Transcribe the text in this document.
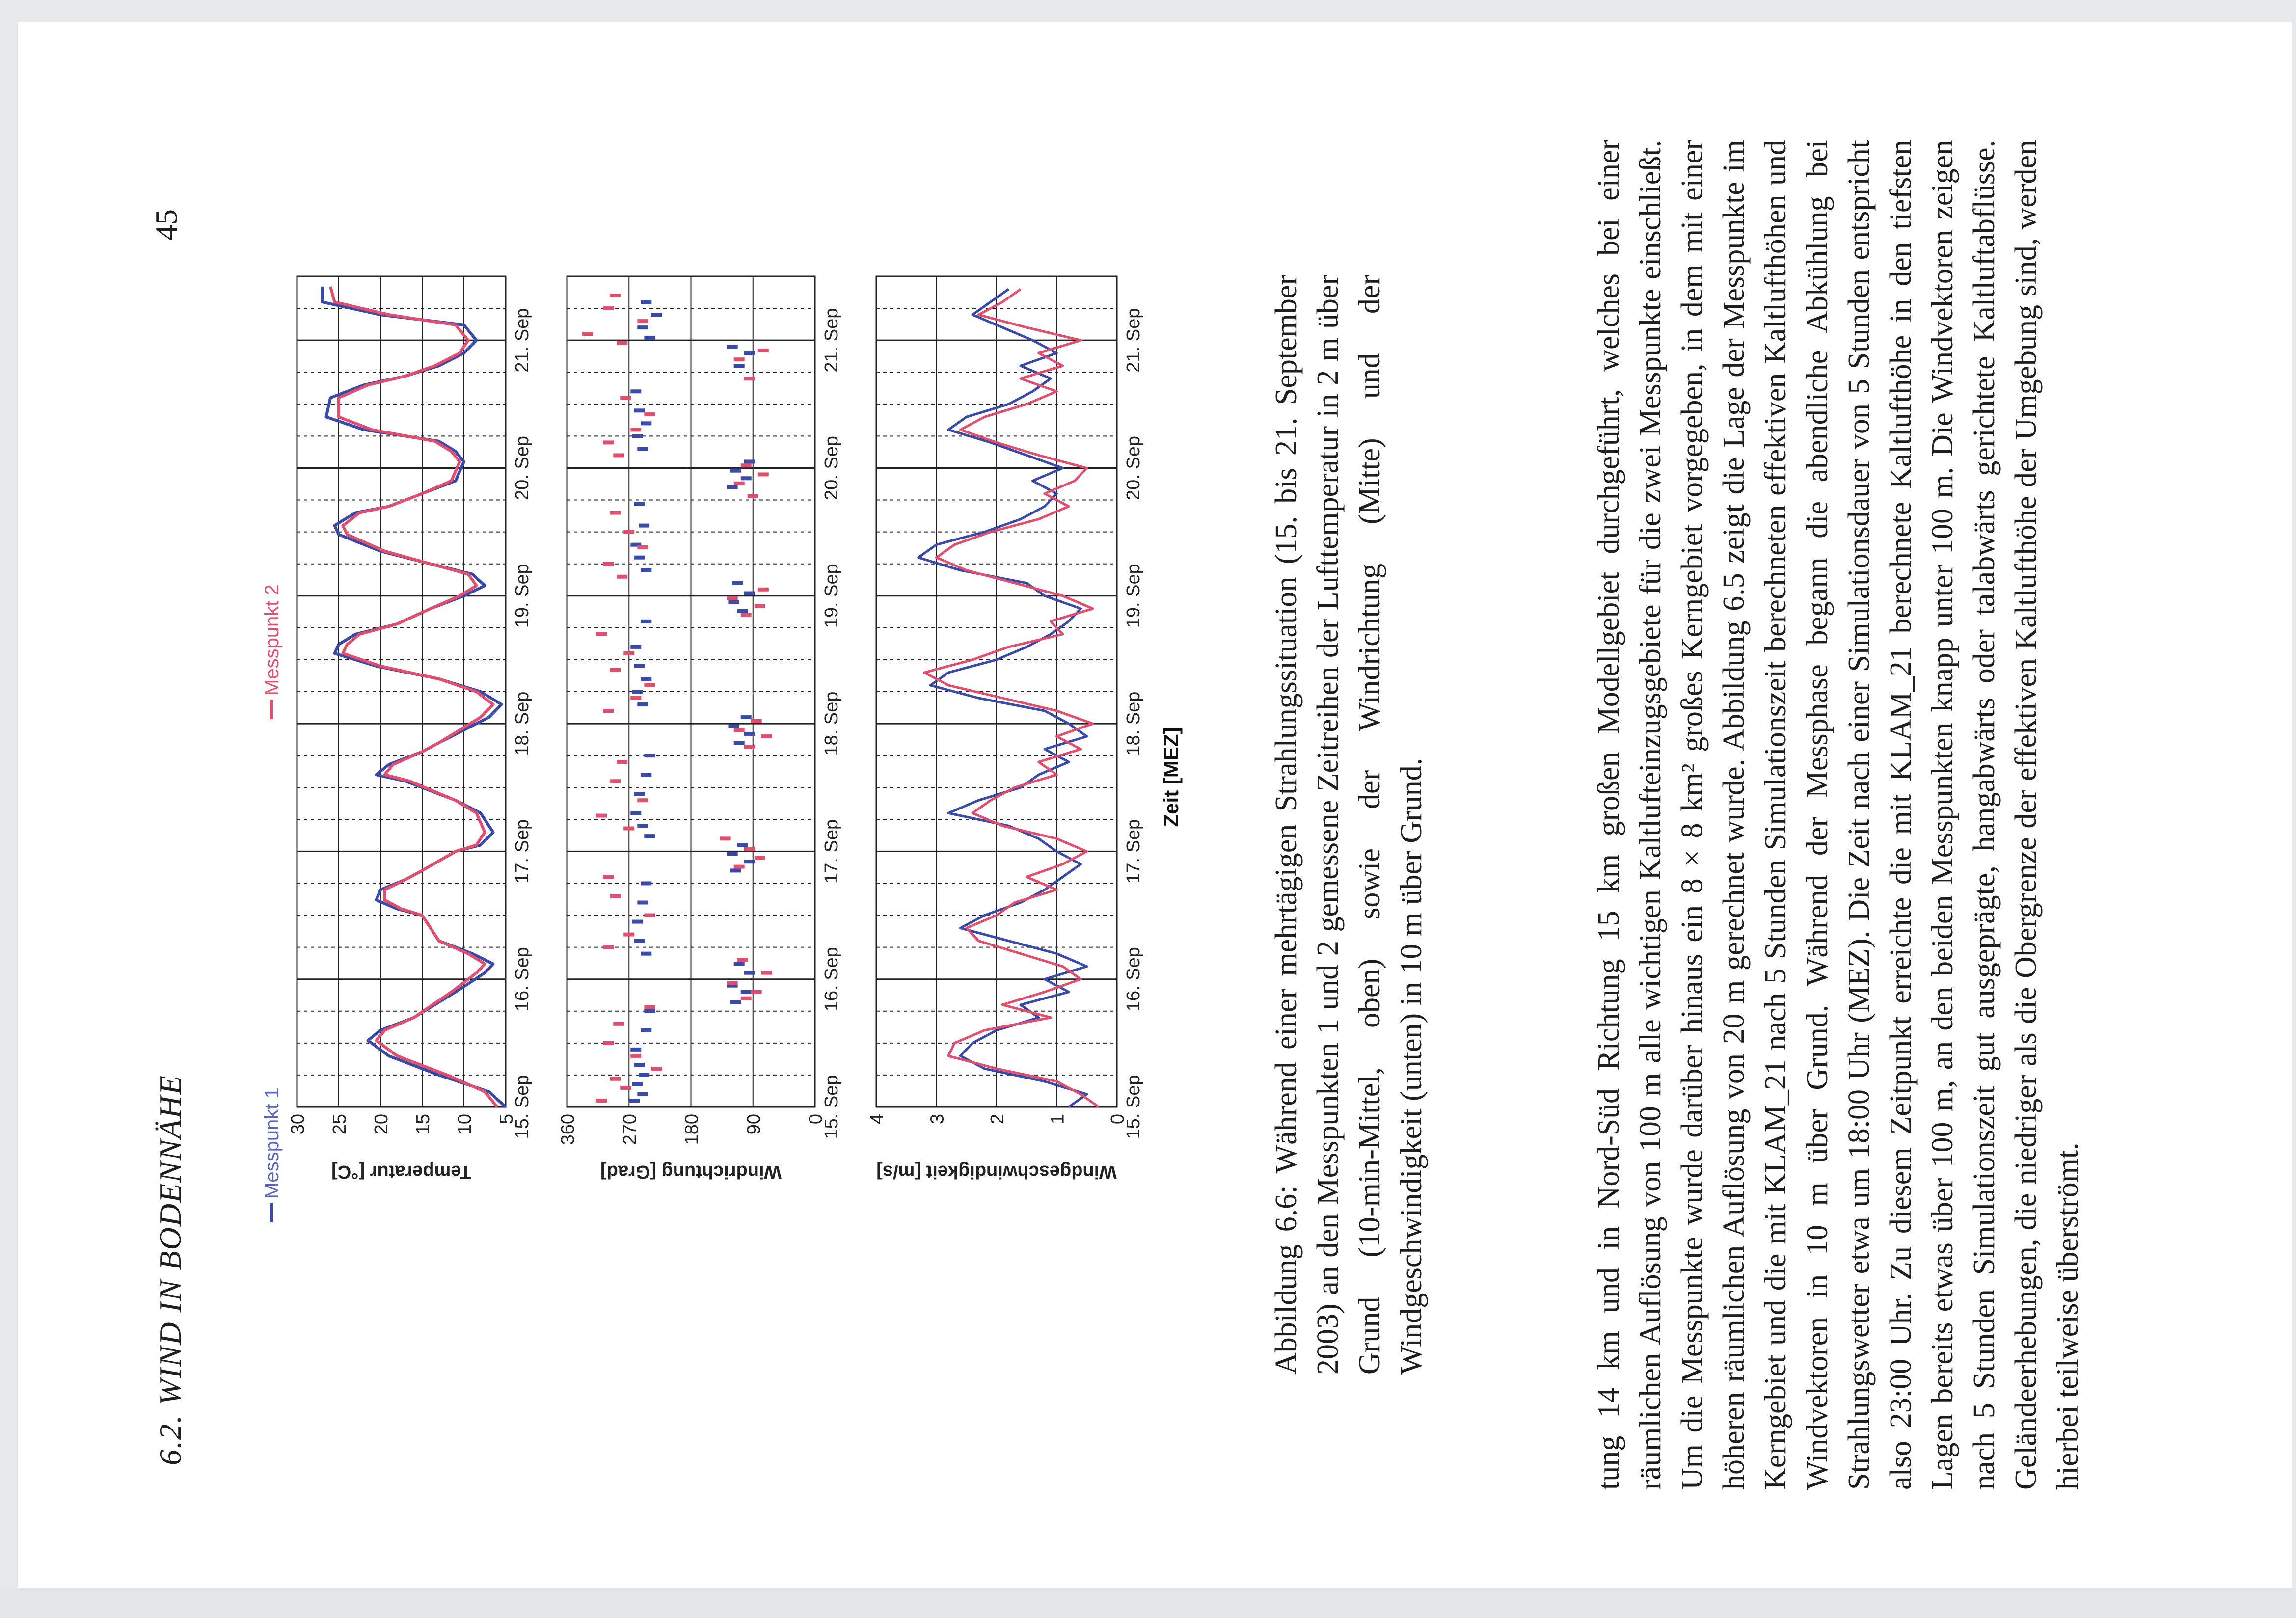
6.2. WIND IN BODENNÄHE
45
Messpunkt 1
Messpunkt 2
5
10
15
20
25
30
Temperatur [°C]
15. Sep
16. Sep
17. Sep
18. Sep
19. Sep
20. Sep
21. Sep
0
90
180
270
360
Windrichtung [Grad]
15. Sep
16. Sep
17. Sep
18. Sep
19. Sep
20. Sep
21. Sep
0
1
2
3
4
Windgeschwindigkeit [m/s]
15. Sep
16. Sep
17. Sep
18. Sep
19. Sep
20. Sep
21. Sep
Zeit [MEZ]	Abbildung 6.6: Während einer mehrtägigen Strahlungssituation (15. bis 21. September 2003) an den Messpunkten 1 und 2 gemessene Zeitreihen der Lufttemperatur in 2 m über Grund (10-min-Mittel, oben) sowie der Windrichtung (Mitte) und der Windgeschwindigkeit (unten) in 10 m über Grund.	tung 14 km und in Nord-Süd Richtung 15 km großen Modellgebiet durchgeführt, welches bei einer räumlichen Auflösung von 100 m alle wichtigen Kaltlufteinzugsgebiete für die zwei Messpunkte einschließt. Um die Messpunkte wurde darüber hinaus ein 8 × 8 km² großes Kerngebiet vorgegeben, in dem mit einer höheren räumlichen Auflösung von 20 m gerechnet wurde. Abbildung 6.5 zeigt die Lage der Messpunkte im Kerngebiet und die mit KLAM_21 nach 5 Stunden Simulationszeit berechneten effektiven Kaltlufthöhen und Windvektoren in 10 m über Grund. Während der Messphase begann die abendliche Abkühlung bei Strahlungswetter etwa um 18:00 Uhr (MEZ). Die Zeit nach einer Simulationsdauer von 5 Stunden entspricht also 23:00 Uhr. Zu diesem Zeitpunkt erreichte die mit KLAM_21 berechnete Kaltlufthöhe in den tiefsten Lagen bereits etwas über 100 m, an den beiden Messpunkten knapp unter 100 m. Die Windvektoren zeigen nach 5 Stunden Simulationszeit gut ausgeprägte, hangabwärts oder talabwärts gerichtete Kaltluftabflüsse. Geländeerhebungen, die niedriger als die Obergrenze der effektiven Kaltlufthöhe der Umgebung sind, werden hierbei teilweise überströmt.
